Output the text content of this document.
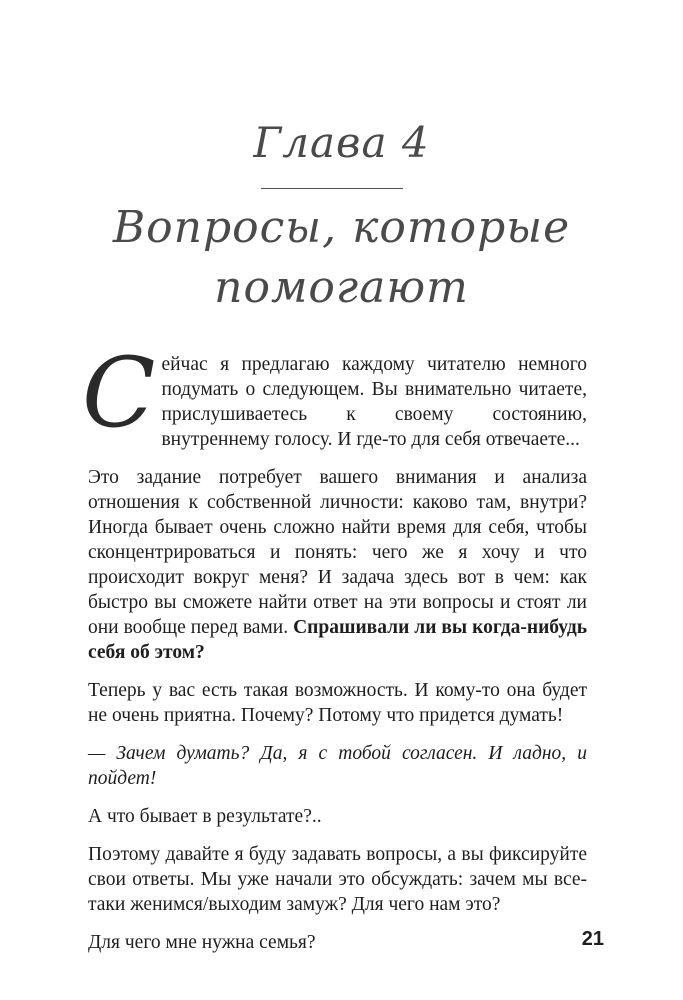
Глава 4
Вопросы, которые
помогают

Сейчас я предлагаю каждому читателю немного подумать о следующем. Вы внимательно читаете, прислушиваетесь к своему состоянию, внутреннему голосу. И где-то для себя отвечаете...

Это задание потребует вашего внимания и анализа отношения к собственной личности: каково там, внутри? Иногда бывает очень сложно найти время для себя, чтобы сконцентрироваться и понять: чего же я хочу и что происходит вокруг меня? И задача здесь вот в чем: как быстро вы сможете найти ответ на эти вопросы и стоят ли они вообще перед вами. Спрашивали ли вы когда-нибудь себя об этом?

Теперь у вас есть такая возможность. И кому-то она будет не очень приятна. Почему? Потому что придется думать!

— Зачем думать? Да, я с тобой согласен. И ладно, и пойдет!

А что бывает в результате?..

Поэтому давайте я буду задавать вопросы, а вы фиксируйте свои ответы. Мы уже начали это обсуждать: зачем мы все-таки женимся/выходим замуж? Для чего нам это?

Для чего мне нужна семья?	21
